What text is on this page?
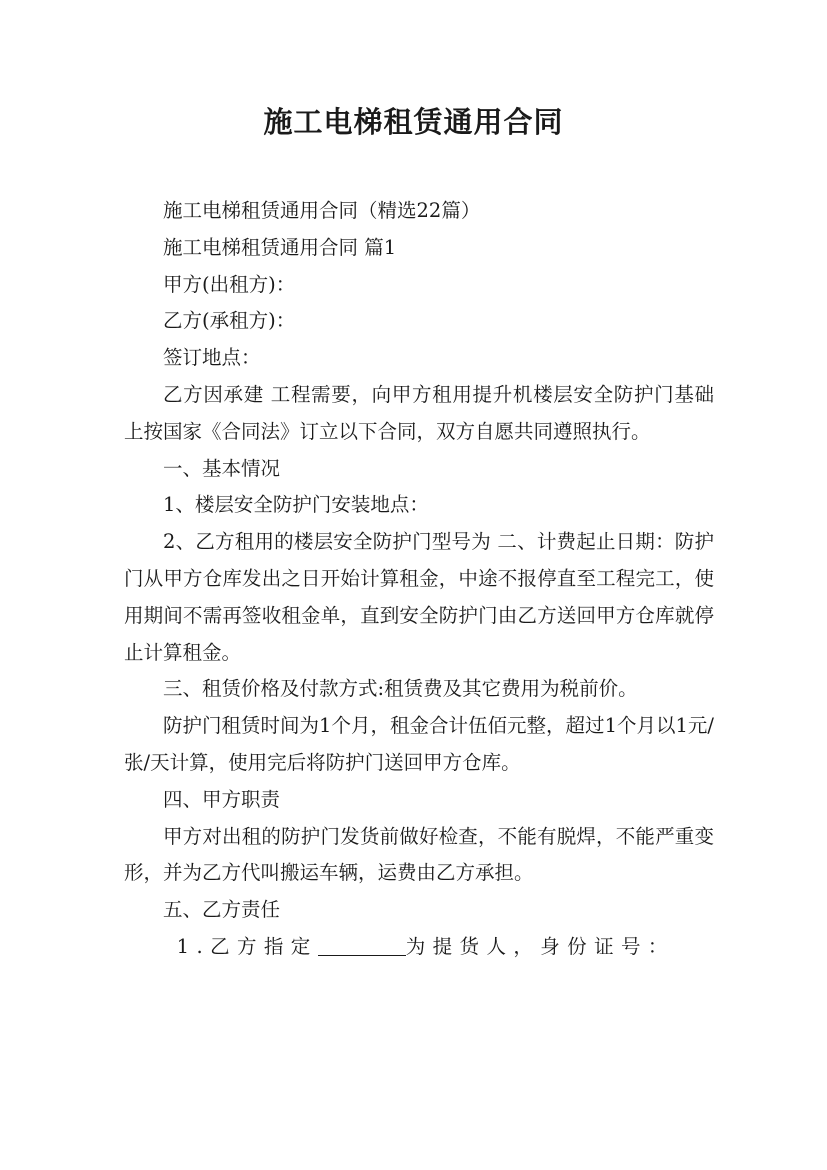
施工电梯租赁通用合同

施工电梯租赁通用合同（精选22篇）

施工电梯租赁通用合同 篇1

甲方(出租方)：

乙方(承租方)：

签订地点：

乙方因承建 工程需要，向甲方租用提升机楼层安全防护门基础上按国家《合同法》订立以下合同，双方自愿共同遵照执行。

一、基本情况

1、楼层安全防护门安装地点：

2、乙方租用的楼层安全防护门型号为 二、计费起止日期：防护门从甲方仓库发出之日开始计算租金，中途不报停直至工程完工，使用期间不需再签收租金单，直到安全防护门由乙方送回甲方仓库就停止计算租金。

三、租赁价格及付款方式:租赁费及其它费用为税前价。

防护门租赁时间为1个月，租金合计伍佰元整，超过1个月以1元/张/天计算，使用完后将防护门送回甲方仓库。

四、甲方职责

甲方对出租的防护门发货前做好检查，不能有脱焊，不能严重变形，并为乙方代叫搬运车辆，运费由乙方承担。

五、乙方责任

1.乙方指定	为提货人，身份证号：
